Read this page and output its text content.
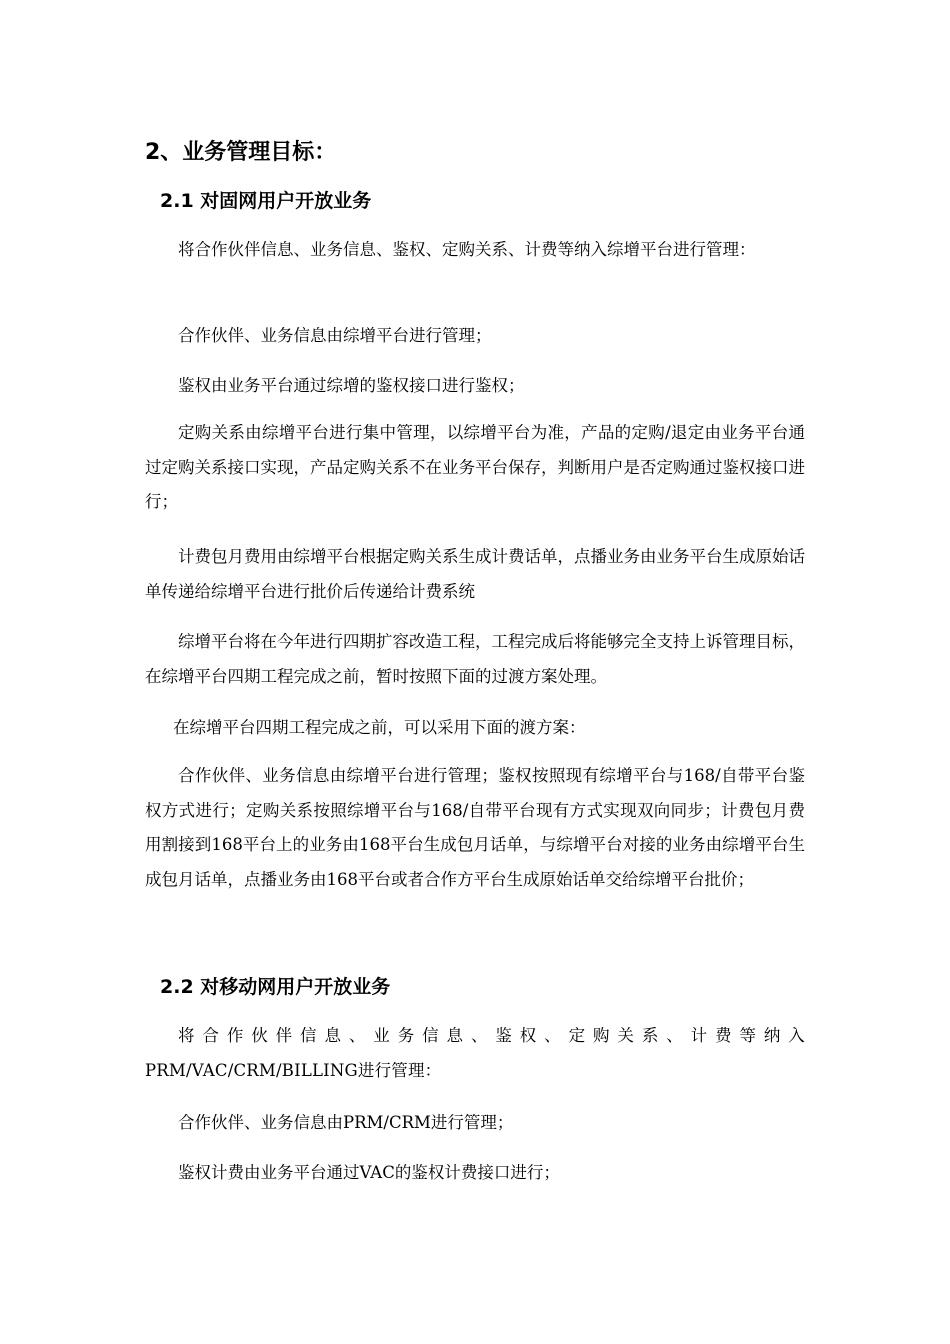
2、业务管理目标：
2.1 对固网用户开放业务

将合作伙伴信息、业务信息、鉴权、定购关系、计费等纳入综增平台进行管理：

合作伙伴、业务信息由综增平台进行管理；

鉴权由业务平台通过综增的鉴权接口进行鉴权；

定购关系由综增平台进行集中管理，以综增平台为准，产品的定购/退定由业务平台通过定购关系接口实现，产品定购关系不在业务平台保存，判断用户是否定购通过鉴权接口进行；

计费包月费用由综增平台根据定购关系生成计费话单，点播业务由业务平台生成原始话单传递给综增平台进行批价后传递给计费系统

综增平台将在今年进行四期扩容改造工程，工程完成后将能够完全支持上诉管理目标，在综增平台四期工程完成之前，暂时按照下面的过渡方案处理。

在综增平台四期工程完成之前，可以采用下面的渡方案：

合作伙伴、业务信息由综增平台进行管理；鉴权按照现有综增平台与168/自带平台鉴权方式进行；定购关系按照综增平台与168/自带平台现有方式实现双向同步；计费包月费用割接到168平台上的业务由168平台生成包月话单，与综增平台对接的业务由综增平台生成包月话单，点播业务由168平台或者合作方平台生成原始话单交给综增平台批价；

2.2 对移动网用户开放业务

将合作伙伴信息、业务信息、鉴权、定购关系、计费等纳入PRM/VAC/CRM/BILLING进行管理：

合作伙伴、业务信息由PRM/CRM进行管理；

鉴权计费由业务平台通过VAC的鉴权计费接口进行；
